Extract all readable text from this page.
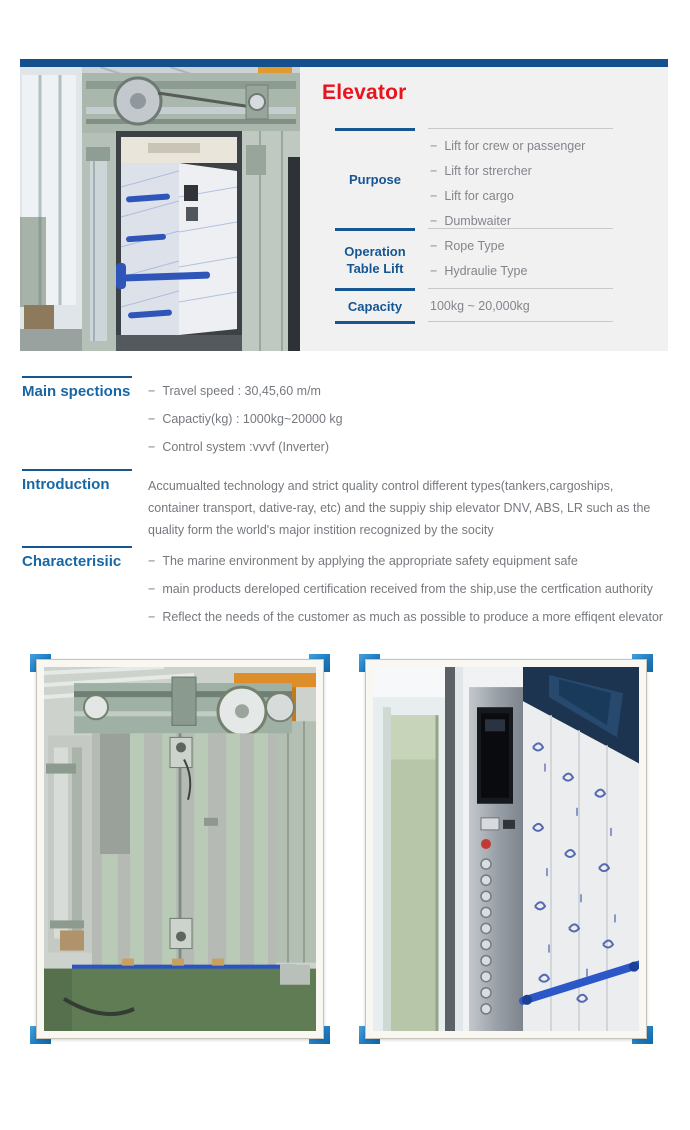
Elevator
Purpose
− Lift for crew or passenger
− Lift for strercher
− Lift for cargo
− Dumbwaiter
Operation Table Lift
− Rope Type
− Hydraulie Type
Capacity	100kg ~ 20,000kg
Main spections − Travel speed : 30,45,60 m/m
− Capactiy(kg) : 1000kg~20000 kg
− Control system :vvvf (Inverter)
Introduction	Accumualted technology and strict quality control different types(tankers,cargoships, container transport, dative-ray, etc) and the suppiy ship elevator DNV, ABS, LR such as the quality form the world's major instition recognized by the socity
Characterisiic	− The marine environment by applying the appropriate safety equipment safe
− main products dereloped certification received from the ship,use the certfication authority
− Reflect the needs of the customer as much as possible to produce a more effiqent elevator
